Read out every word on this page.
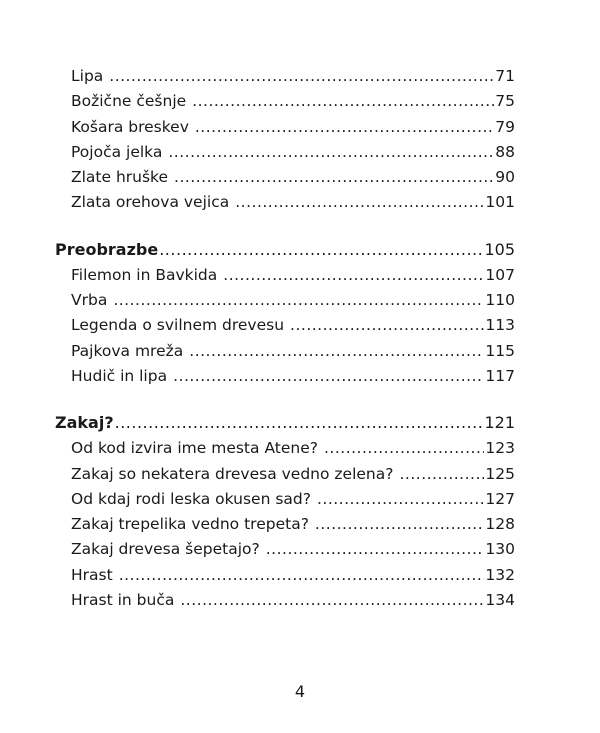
Lipa .....	71
Božične češnje .....	75
Košara breskev .....	79
Pojoča jelka .....	88
Zlate hruške .....	90
Zlata orehova vejica .....	101
Preobrazbe .....	105
Filemon in Bavkida .....	107
Vrba .....	110
Legenda o svilnem drevesu .....	113
Pajkova mreža .....	115
Hudič in lipa .....	117
Zakaj? .....	121
Od kod izvira ime mesta Atene? .....	123
Zakaj so nekatera drevesa vedno zelena? .....	125
Od kdaj rodi leska okusen sad? .....	127
Zakaj trepelika vedno trepeta? .....	128
Zakaj drevesa šepetajo? .....	130
Hrast .....	132
Hrast in buča .....	134
4
